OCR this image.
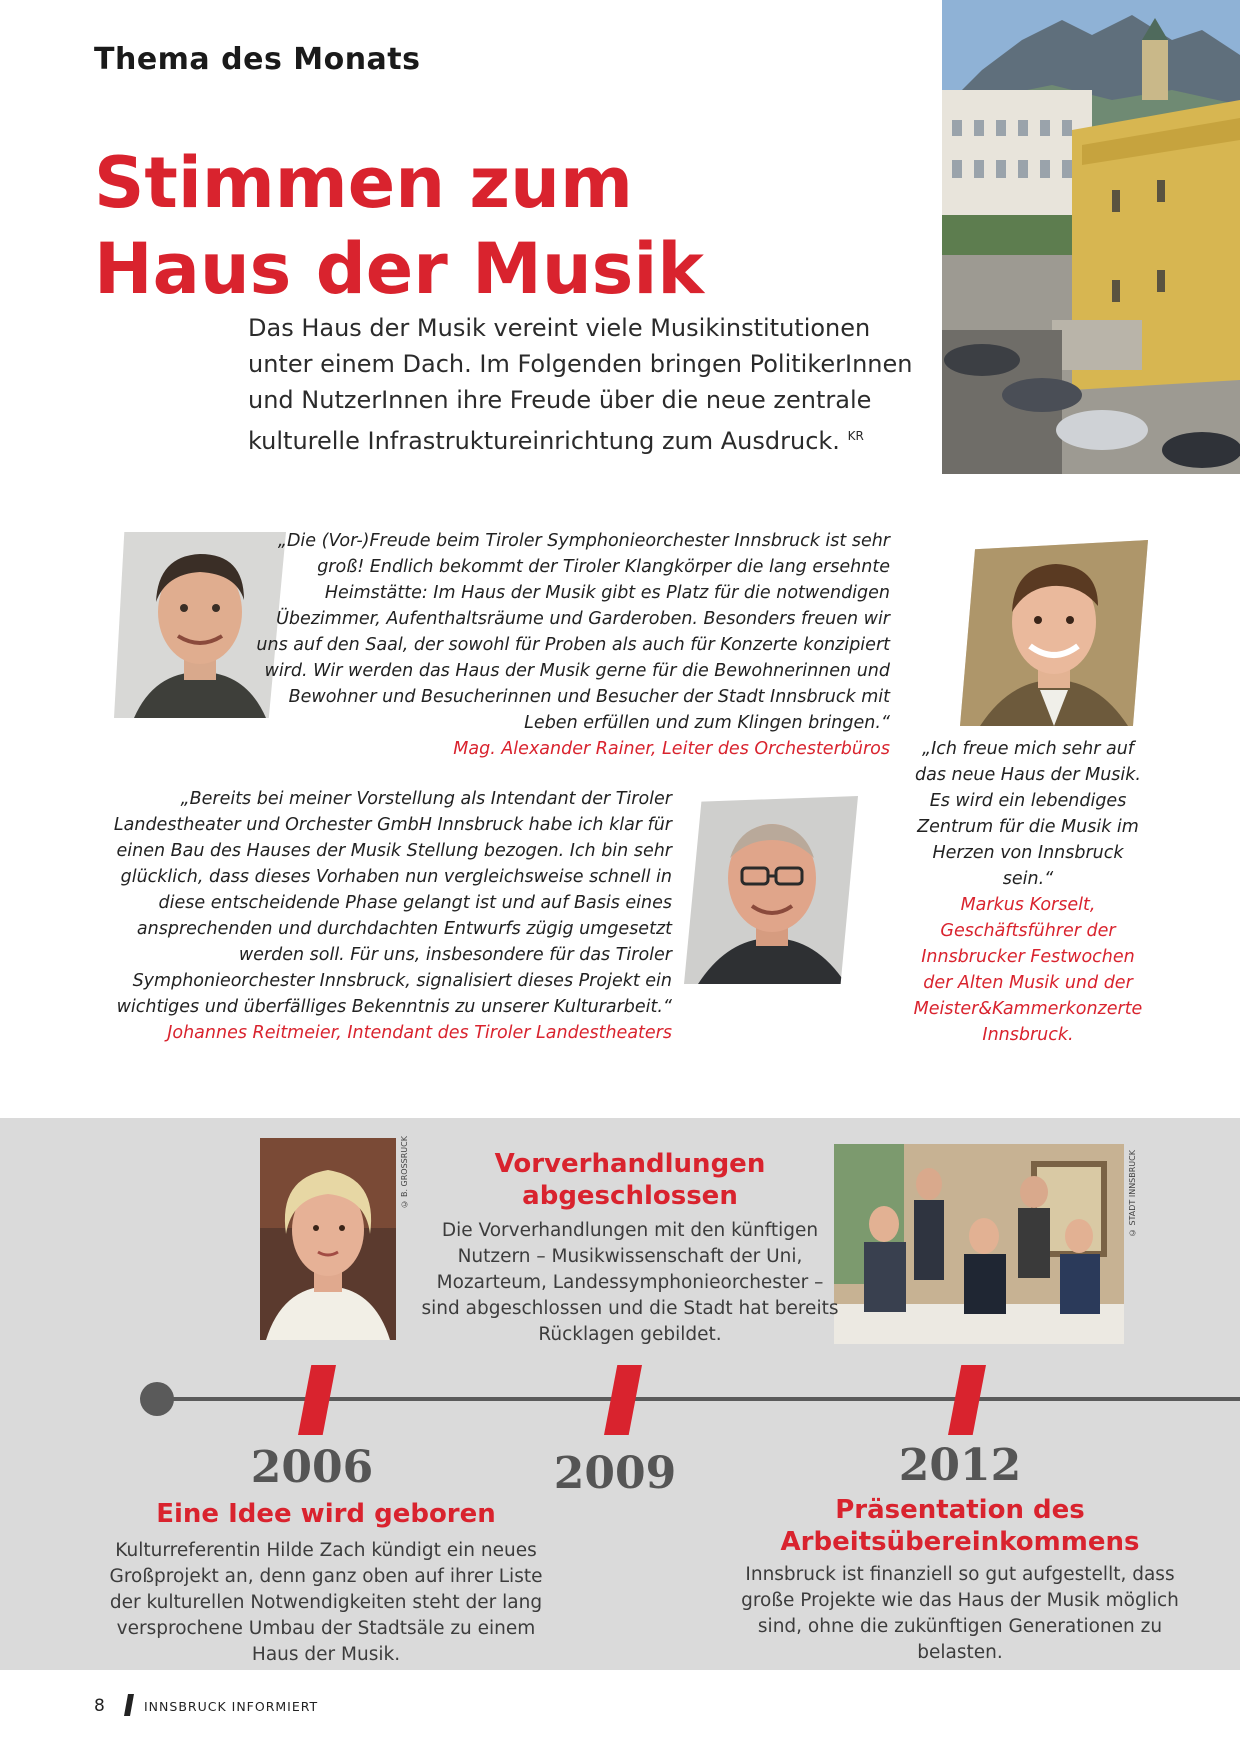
Thema des Monats
Stimmen zum
Haus der Musik
Das Haus der Musik vereint viele Musikinstitutionen unter einem Dach. Im Folgenden bringen PolitikerInnen und NutzerInnen ihre Freude über die neue zentrale kulturelle Infrastruktureinrichtung zum Ausdruck. $^{KR}$
„Die (Vor-)Freude beim Tiroler Symphonieorchester Innsbruck ist sehr groß! Endlich bekommt der Tiroler Klangkörper die lang ersehnte Heimstätte: Im Haus der Musik gibt es Platz für die notwendigen Übezimmer, Aufenthaltsräume und Garderoben. Besonders freuen wir uns auf den Saal, der sowohl für Proben als auch für Konzerte konzipiert wird. Wir werden das Haus der Musik gerne für die Bewohnerinnen und Bewohner und Besucherinnen und Besucher der Stadt Innsbruck mit Leben erfüllen und zum Klingen bringen.“
Mag. Alexander Rainer, Leiter des Orchesterbüros	„Ich freue mich sehr auf das neue Haus der Musik. Es wird ein lebendiges Zentrum für die Musik im Herzen von Innsbruck sein.“
Markus Korselt, Geschäftsführer der Innsbrucker Festwochen der Alten Musik und der Meister&Kammerkonzerte Innsbruck.
„Bereits bei meiner Vorstellung als Intendant der Tiroler Landestheater und Orchester GmbH Innsbruck habe ich klar für einen Bau des Hauses der Musik Stellung bezogen. Ich bin sehr glücklich, dass dieses Vorhaben nun vergleichsweise schnell in diese entscheidende Phase gelangt ist und auf Basis eines ansprechenden und durchdachten Entwurfs zügig umgesetzt werden soll. Für uns, insbesondere für das Tiroler Symphonieorchester Innsbruck, signalisiert dieses Projekt ein wichtiges und überfälliges Bekenntnis zu unserer Kulturarbeit.“
Johannes Reitmeier, Intendant des Tiroler Landestheaters
© B. GROSSRUCK	© STADT INNSBRUCK
2006	2009	2012
Eine Idee wird geboren
Kulturreferentin Hilde Zach kündigt ein neues Großprojekt an, denn ganz oben auf ihrer Liste der kulturellen Notwendigkeiten steht der lang versprochene Umbau der Stadtsäle zu einem Haus der Musik.
Vorverhandlungen abgeschlossen
Die Vorverhandlungen mit den künftigen Nutzern – Musikwissenschaft der Uni, Mozarteum, Landessymphonieorchester – sind abgeschlossen und die Stadt hat bereits Rücklagen gebildet.
Präsentation des Arbeitsübereinkommens
Innsbruck ist finanziell so gut aufgestellt, dass große Projekte wie das Haus der Musik möglich sind, ohne die zukünftigen Generationen zu belasten.
8	INNSBRUCK INFORMIERT
